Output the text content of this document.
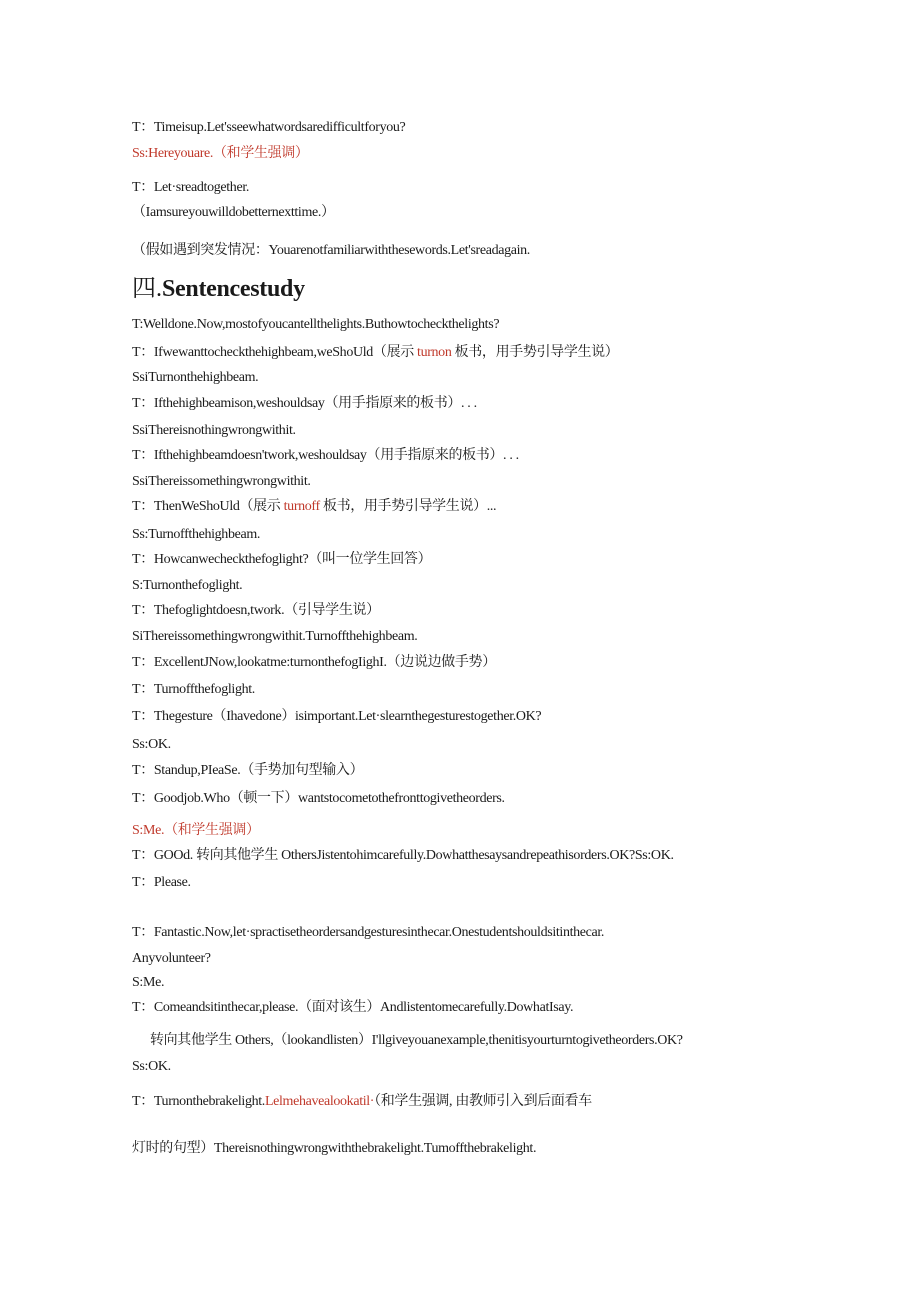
T：Timeisup.Let'sseewhatwordsaredifficultforyou?
Ss:Hereyouare.（和学生强调）
T：Let·sreadtogether.
（Iamsureyouwilldobetternexttime.）
（假如遇到突发情况：Youarenotfamiliarwiththesewords.Let'sreadagain.
四.Sentencestudy
T:Welldone.Now,mostofyoucantellthelights.Buthowtocheckthelights?
T：Ifwewanttocheckthehighbeam,weShoUld（展示 turnon 板书，用手势引导学生说）
SsiTurnonthehighbeam.
T：Ifthehighbeamison,weshouldsay（用手指原来的板书）. . .
SsiThereisnothingwrongwithit.
T：Ifthehighbeamdoesn'twork,weshouldsay（用手指原来的板书）. . .
SsiThereissomethingwrongwithit.
T：ThenWeShoUld（展示 turnoff 板书，用手势引导学生说）...
Ss:Turnoffthehighbeam.
T：Howcanwecheckthefoglight?（叫一位学生回答）
S:Turnonthefoglight.
T：Thefoglightdoesn,twork.（引导学生说）
SiThereissomethingwrongwithit.Turnoffthehighbeam.
T：ExcellentJNow,lookatme:turnonthefogIighI.（边说边做手势）
T：Turnoffthefoglight.
T：Thegesture（Ihavedone）isimportant.Let·slearnthegesturestogether.OK?
Ss:OK.
T：Standup,PIeaSe.（手势加句型输入）
T：Goodjob.Who（顿一下）wantstocometothefronttogivetheorders.
S:Me.（和学生强调）
T：GOOd. 转向其他学生 OthersJistentohimcarefully.Dowhatthesaysandrepeathisorders.OK?Ss:OK.
T：Please.
T：Fantastic.Now,let·spractisetheordersandgesturesinthecar.Onestudentshouldsitinthecar.
Anyvolunteer?
S:Me.
T：Comeandsitinthecar,please.（面对该生）Andlistentomecarefully.DowhatIsay.
转向其他学生 Others,（lookandlisten）I'llgiveyouanexample,thenitisyourturntogivetheorders.OK?
Ss:OK.
T：Turnonthebrakelight.Lelmehavealookatil·（和学生强调, 由教师引入到后面看车
灯时的句型）Thereisnothingwrongwiththebrakelight.Tumoffthebrakelight.
